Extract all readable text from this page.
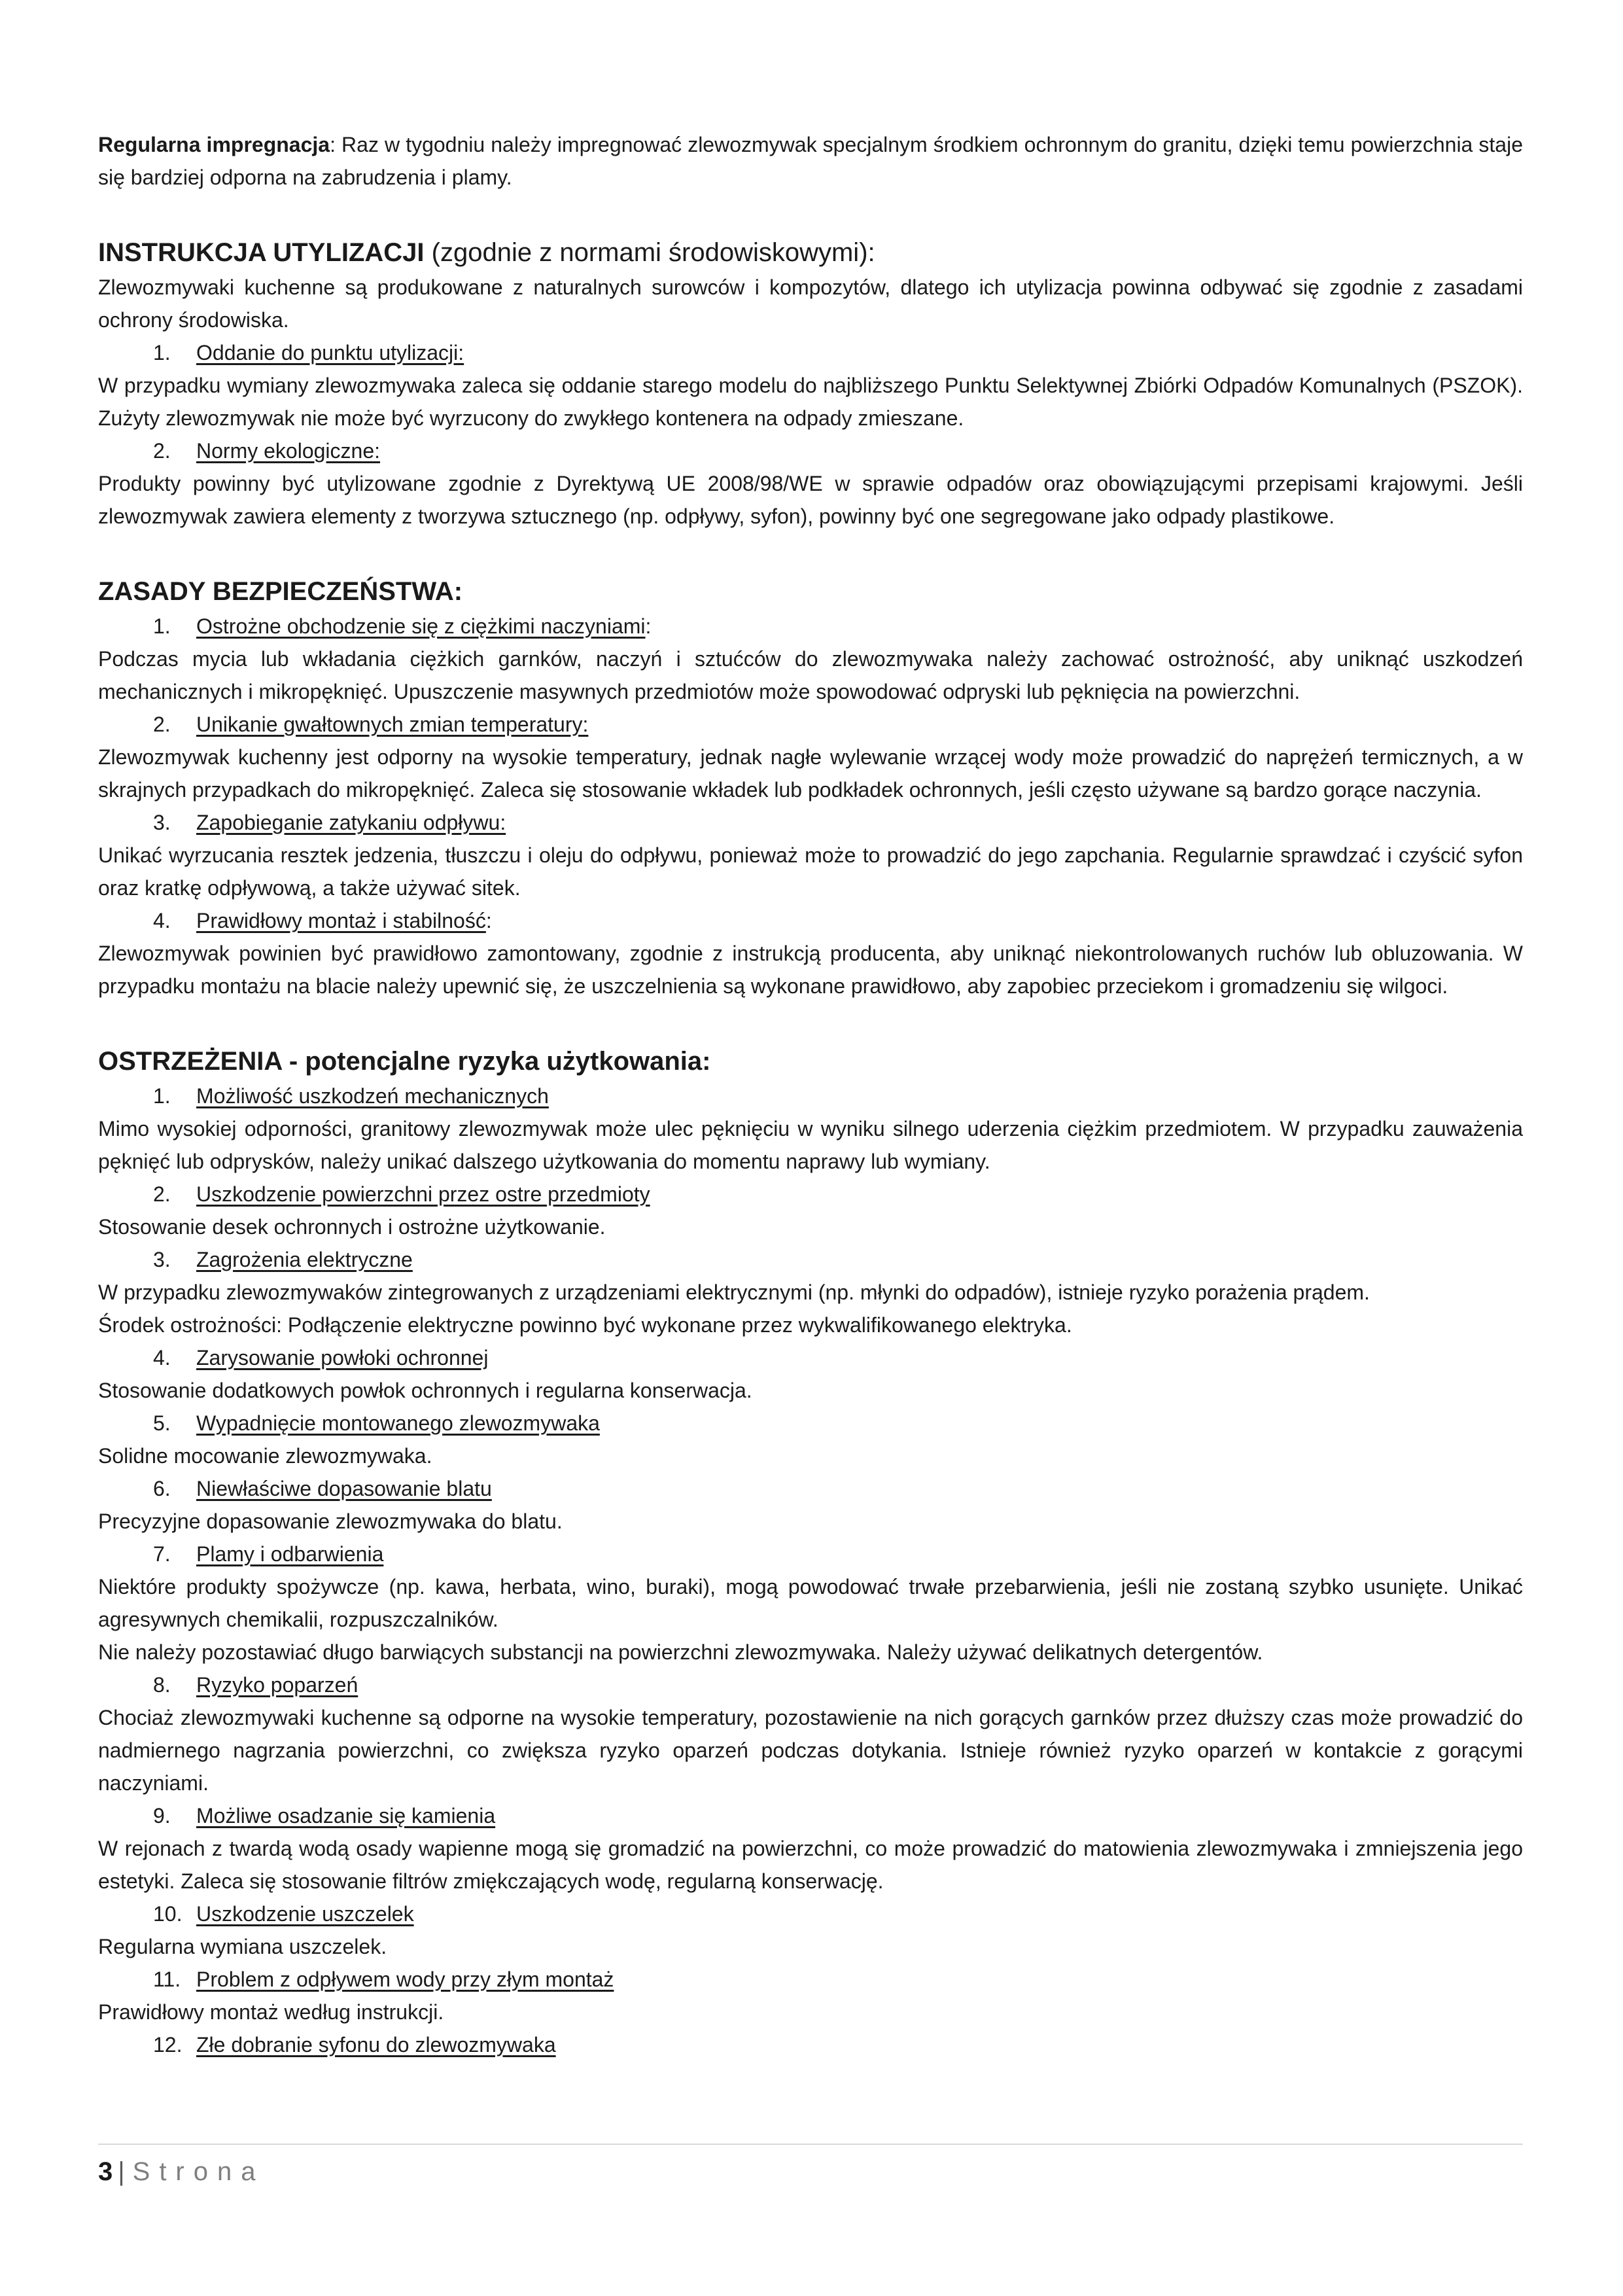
Regularna impregnacja: Raz w tygodniu należy impregnować zlewozmywak specjalnym środkiem ochronnym do granitu, dzięki temu powierzchnia staje się bardziej odporna na zabrudzenia i plamy.

INSTRUKCJA UTYLIZACJI (zgodnie z normami środowiskowymi):

Zlewozmywaki kuchenne są produkowane z naturalnych surowców i kompozytów, dlatego ich utylizacja powinna odbywać się zgodnie z zasadami ochrony środowiska.

1. Oddanie do punktu utylizacji:

W przypadku wymiany zlewozmywaka zaleca się oddanie starego modelu do najbliższego Punktu Selektywnej Zbiórki Odpadów Komunalnych (PSZOK). Zużyty zlewozmywak nie może być wyrzucony do zwykłego kontenera na odpady zmieszane.

2. Normy ekologiczne:

Produkty powinny być utylizowane zgodnie z Dyrektywą UE 2008/98/WE w sprawie odpadów oraz obowiązującymi przepisami krajowymi. Jeśli zlewozmywak zawiera elementy z tworzywa sztucznego (np. odpływy, syfon), powinny być one segregowane jako odpady plastikowe.

ZASADY BEZPIECZEŃSTWA:
1. Ostrożne obchodzenie się z ciężkimi naczyniami:

Podczas mycia lub wkładania ciężkich garnków, naczyń i sztućców do zlewozmywaka należy zachować ostrożność, aby uniknąć uszkodzeń mechanicznych i mikropęknięć. Upuszczenie masywnych przedmiotów może spowodować odpryski lub pęknięcia na powierzchni.

2. Unikanie gwałtownych zmian temperatury:

Zlewozmywak kuchenny jest odporny na wysokie temperatury, jednak nagłe wylewanie wrzącej wody może prowadzić do naprężeń termicznych, a w skrajnych przypadkach do mikropęknięć. Zaleca się stosowanie wkładek lub podkładek ochronnych, jeśli często używane są bardzo gorące naczynia.

3. Zapobieganie zatykaniu odpływu:

Unikać wyrzucania resztek jedzenia, tłuszczu i oleju do odpływu, ponieważ może to prowadzić do jego zapchania. Regularnie sprawdzać i czyścić syfon oraz kratkę odpływową, a także używać sitek.

4. Prawidłowy montaż i stabilność:

Zlewozmywak powinien być prawidłowo zamontowany, zgodnie z instrukcją producenta, aby uniknąć niekontrolowanych ruchów lub obluzowania. W przypadku montażu na blacie należy upewnić się, że uszczelnienia są wykonane prawidłowo, aby zapobiec przeciekom i gromadzeniu się wilgoci.

OSTRZEŻENIA - potencjalne ryzyka użytkowania:
1. Możliwość uszkodzeń mechanicznych

Mimo wysokiej odporności, granitowy zlewozmywak może ulec pęknięciu w wyniku silnego uderzenia ciężkim przedmiotem. W przypadku zauważenia pęknięć lub odprysków, należy unikać dalszego użytkowania do momentu naprawy lub wymiany.

2. Uszkodzenie powierzchni przez ostre przedmioty

Stosowanie desek ochronnych i ostrożne użytkowanie.

3. Zagrożenia elektryczne

W przypadku zlewozmywaków zintegrowanych z urządzeniami elektrycznymi (np. młynki do odpadów), istnieje ryzyko porażenia prądem.

Środek ostrożności: Podłączenie elektryczne powinno być wykonane przez wykwalifikowanego elektryka.

4. Zarysowanie powłoki ochronnej

Stosowanie dodatkowych powłok ochronnych i regularna konserwacja.

5. Wypadnięcie montowanego zlewozmywaka

Solidne mocowanie zlewozmywaka.

6. Niewłaściwe dopasowanie blatu

Precyzyjne dopasowanie zlewozmywaka do blatu.

7. Plamy i odbarwienia

Niektóre produkty spożywcze (np. kawa, herbata, wino, buraki), mogą powodować trwałe przebarwienia, jeśli nie zostaną szybko usunięte. Unikać agresywnych chemikalii, rozpuszczalników.

Nie należy pozostawiać długo barwiących substancji na powierzchni zlewozmywaka. Należy używać delikatnych detergentów.

8. Ryzyko poparzeń

Chociaż zlewozmywaki kuchenne są odporne na wysokie temperatury, pozostawienie na nich gorących garnków przez dłuższy czas może prowadzić do nadmiernego nagrzania powierzchni, co zwiększa ryzyko oparzeń podczas dotykania. Istnieje również ryzyko oparzeń w kontakcie z gorącymi naczyniami.

9. Możliwe osadzanie się kamienia

W rejonach z twardą wodą osady wapienne mogą się gromadzić na powierzchni, co może prowadzić do matowienia zlewozmywaka i zmniejszenia jego estetyki. Zaleca się stosowanie filtrów zmiękczających wodę, regularną konserwację.

10. Uszkodzenie uszczelek

Regularna wymiana uszczelek.

11. Problem z odpływem wody przy złym montaż

Prawidłowy montaż według instrukcji.

12. Złe dobranie syfonu do zlewozmywaka
3 | Strona
